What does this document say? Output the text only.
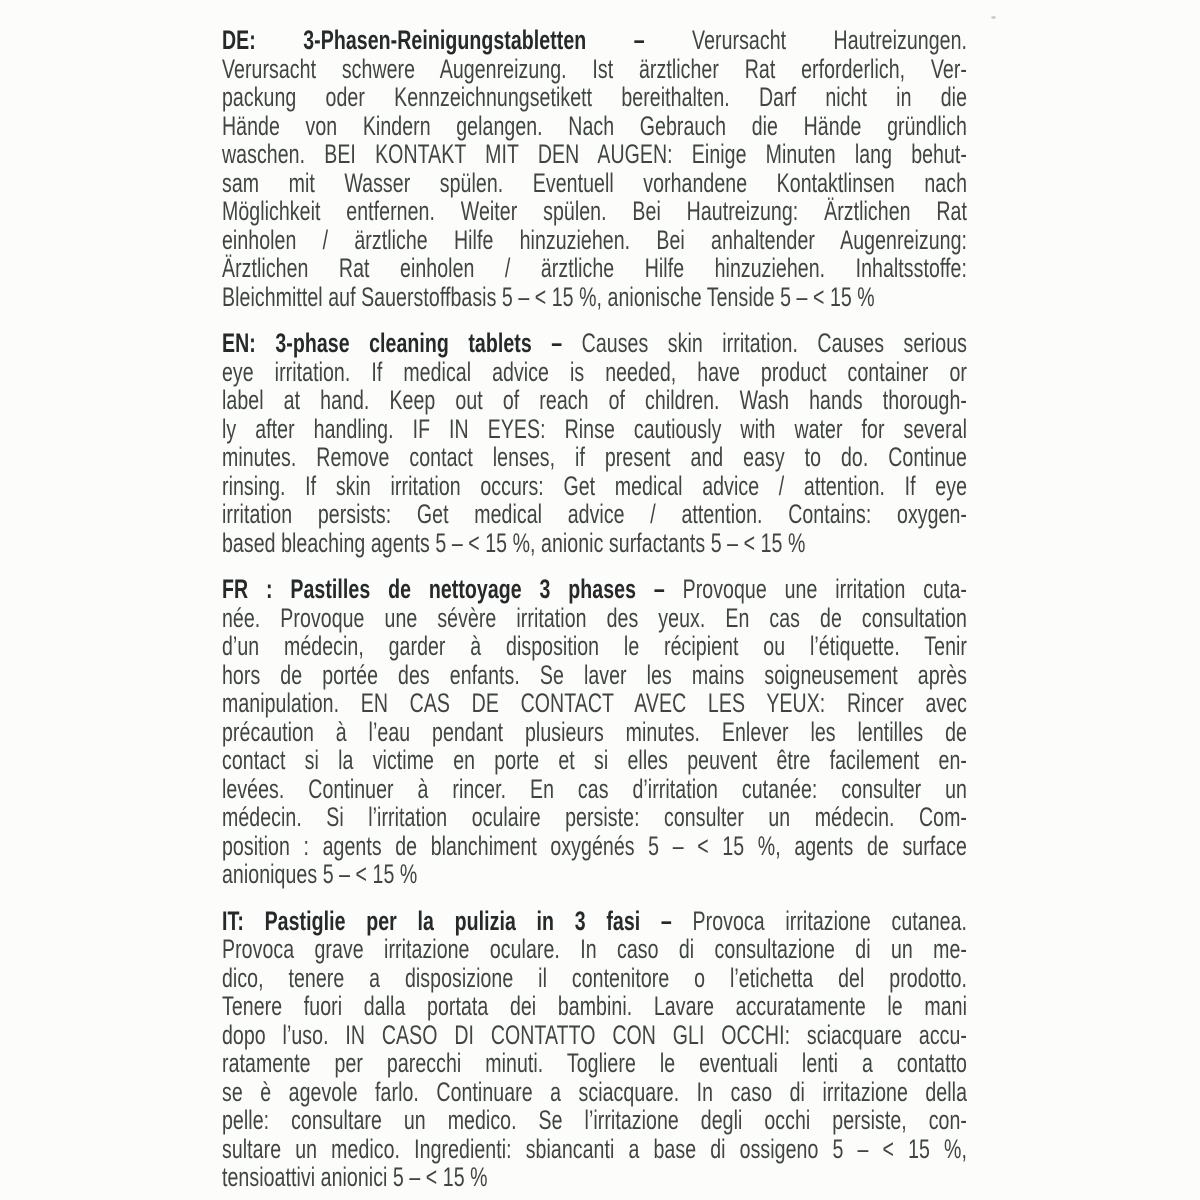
DE: 3-Phasen-Reinigungstabletten – Verursacht Hautreizungen.
Verursacht schwere Augenreizung. Ist ärztlicher Rat erforderlich, Ver-
packung oder Kennzeichnungsetikett bereithalten. Darf nicht in die
Hände von Kindern gelangen. Nach Gebrauch die Hände gründlich
waschen. BEI KONTAKT MIT DEN AUGEN: Einige Minuten lang behut-
sam mit Wasser spülen. Eventuell vorhandene Kontaktlinsen nach
Möglichkeit entfernen. Weiter spülen. Bei Hautreizung: Ärztlichen Rat
einholen / ärztliche Hilfe hinzuziehen. Bei anhaltender Augenreizung:
Ärztlichen Rat einholen / ärztliche Hilfe hinzuziehen. Inhaltsstoffe:
Bleichmittel auf Sauerstoffbasis 5 – < 15 %, anionische Tenside 5 – < 15 %
EN: 3-phase cleaning tablets – Causes skin irritation. Causes serious
eye irritation. If medical advice is needed, have product container or
label at hand. Keep out of reach of children. Wash hands thorough-
ly after handling. IF IN EYES: Rinse cautiously with water for several
minutes. Remove contact lenses, if present and easy to do. Continue
rinsing. If skin irritation occurs: Get medical advice / attention. If eye
irritation persists: Get medical advice / attention. Contains: oxygen-
based bleaching agents 5 – < 15 %, anionic surfactants 5 – < 15 %
FR : Pastilles de nettoyage 3 phases – Provoque une irritation cuta-
née. Provoque une sévère irritation des yeux. En cas de consultation
d’un médecin, garder à disposition le récipient ou l’étiquette. Tenir
hors de portée des enfants. Se laver les mains soigneusement après
manipulation. EN CAS DE CONTACT AVEC LES YEUX: Rincer avec
précaution à l’eau pendant plusieurs minutes. Enlever les lentilles de
contact si la victime en porte et si elles peuvent être facilement en-
levées. Continuer à rincer. En cas d’irritation cutanée: consulter un
médecin. Si l’irritation oculaire persiste: consulter un médecin. Com-
position : agents de blanchiment oxygénés 5 – < 15 %, agents de surface
anioniques 5 – < 15 %
IT: Pastiglie per la pulizia in 3 fasi – Provoca irritazione cutanea.
Provoca grave irritazione oculare. In caso di consultazione di un me-
dico, tenere a disposizione il contenitore o l’etichetta del prodotto.
Tenere fuori dalla portata dei bambini. Lavare accuratamente le mani
dopo l’uso. IN CASO DI CONTATTO CON GLI OCCHI: sciacquare accu-
ratamente per parecchi minuti. Togliere le eventuali lenti a contatto
se è agevole farlo. Continuare a sciacquare. In caso di irritazione della
pelle: consultare un medico. Se l’irritazione degli occhi persiste, con-
sultare un medico. Ingredienti: sbiancanti a base di ossigeno 5 – < 15 %,
tensioattivi anionici 5 – < 15 %
